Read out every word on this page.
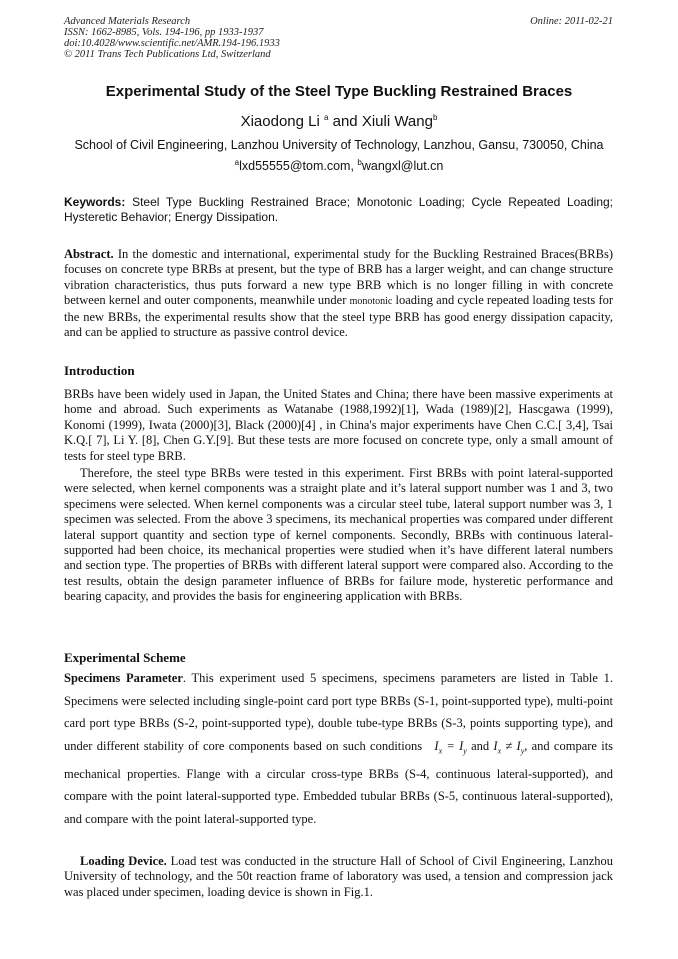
Advanced Materials Research	Online: 2011-02-21
ISSN: 1662-8985, Vols. 194-196, pp 1933-1937
doi:10.4028/www.scientific.net/AMR.194-196.1933
© 2011 Trans Tech Publications Ltd, Switzerland
Experimental Study of the Steel Type Buckling Restrained Braces
Xiaodong Li $^a$ and Xiuli Wang$^b$
School of Civil Engineering, Lanzhou University of Technology, Lanzhou, Gansu, 730050, China
$^a$lxd55555@tom.com, $^b$wangxl@lut.cn
Keywords: Steel Type Buckling Restrained Brace; Monotonic Loading; Cycle Repeated Loading; Hysteretic Behavior; Energy Dissipation.
Abstract. In the domestic and international, experimental study for the Buckling Restrained Braces(BRBs) focuses on concrete type BRBs at present, but the type of BRB has a larger weight, and can change structure vibration characteristics, thus puts forward a new type BRB which is no longer filling in with concrete between kernel and outer components, meanwhile under monotonic loading and cycle repeated loading tests for the new BRBs, the experimental results show that the steel type BRB has good energy dissipation capacity, and can be applied to structure as passive control device.
Introduction
BRBs have been widely used in Japan, the United States and China; there have been massive experiments at home and abroad. Such experiments as Watanabe (1988,1992)[1], Wada (1989)[2], Hascgawa (1999), Konomi (1999), Iwata (2000)[3], Black (2000)[4] , in China's major experiments have Chen C.C.[ 3,4], Tsai K.Q.[ 7], Li Y. [8], Chen G.Y.[9]. But these tests are more focused on concrete type, only a small amount of tests for steel type BRB.
Therefore, the steel type BRBs were tested in this experiment. First BRBs with point lateral-supported were selected, when kernel components was a straight plate and it’s lateral support number was 1 and 3, two specimens were selected. When kernel components was a circular steel tube, lateral support number was 3, 1 specimen was selected. From the above 3 specimens, its mechanical properties was compared under different lateral support quantity and section type of kernel components. Secondly, BRBs with continuous lateral-supported had been choice, its mechanical properties were studied when it’s have different lateral numbers and section type. The properties of BRBs with different lateral support were compared also. According to the test results, obtain the design parameter influence of BRBs for failure mode, hysteretic performance and bearing capacity, and provides the basis for engineering application with BRBs.
Experimental Scheme
Specimens Parameter. This experiment used 5 specimens, specimens parameters are listed in Table 1. Specimens were selected including single-point card port type BRBs (S-1, point-supported type), multi-point card port type BRBs (S-2, point-supported type), double tube-type BRBs (S-3, points supporting type), and under different stability of core components based on such conditions $I_x = I_y$ and $I_x \ne I_y$, and compare its mechanical properties. Flange with a circular cross-type BRBs (S-4, continuous lateral-supported), and compare with the point lateral-supported type. Embedded tubular BRBs (S-5, continuous lateral-supported), and compare with the point lateral-supported type.
Loading Device. Load test was conducted in the structure Hall of School of Civil Engineering, Lanzhou University of technology, and the 50t reaction frame of laboratory was used, a tension and compression jack was placed under specimen, loading device is shown in Fig.1.
